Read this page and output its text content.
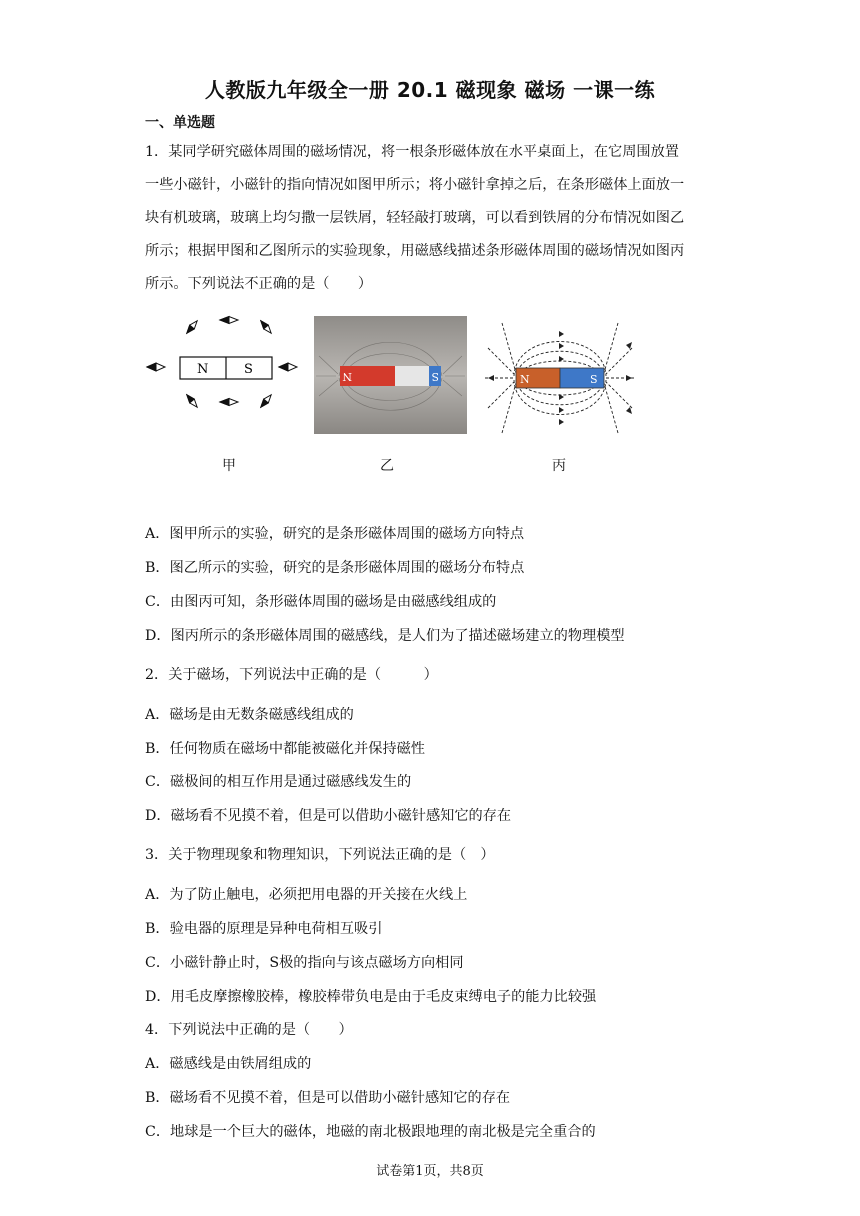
人教版九年级全一册 20.1 磁现象 磁场 一课一练
一、单选题
1．某同学研究磁体周围的磁场情况，将一根条形磁体放在水平桌面上，在它周围放置
一些小磁针，小磁针的指向情况如图甲所示；将小磁针拿掉之后，在条形磁体上面放一
块有机玻璃，玻璃上均匀撒一层铁屑，轻轻敲打玻璃，可以看到铁屑的分布情况如图乙
所示；根据甲图和乙图所示的实验现象，用磁感线描述条形磁体周围的磁场情况如图丙
所示。下列说法不正确的是（　　）
N	S	N	S	N	S
甲	乙	丙
A．图甲所示的实验，研究的是条形磁体周围的磁场方向特点
B．图乙所示的实验，研究的是条形磁体周围的磁场分布特点
C．由图丙可知，条形磁体周围的磁场是由磁感线组成的
D．图丙所示的条形磁体周围的磁感线，是人们为了描述磁场建立的物理模型
2．关于磁场，下列说法中正确的是（　　　）
A．磁场是由无数条磁感线组成的
B．任何物质在磁场中都能被磁化并保持磁性
C．磁极间的相互作用是通过磁感线发生的
D．磁场看不见摸不着，但是可以借助小磁针感知它的存在
3．关于物理现象和物理知识，下列说法正确的是（　）
A．为了防止触电，必须把用电器的开关接在火线上
B．验电器的原理是异种电荷相互吸引
C．小磁针静止时，S极的指向与该点磁场方向相同
D．用毛皮摩擦橡胶棒，橡胶棒带负电是由于毛皮束缚电子的能力比较强
4．下列说法中正确的是（　　）
A．磁感线是由铁屑组成的
B．磁场看不见摸不着，但是可以借助小磁针感知它的存在
C．地球是一个巨大的磁体，地磁的南北极跟地理的南北极是完全重合的
试卷第1页，共8页
